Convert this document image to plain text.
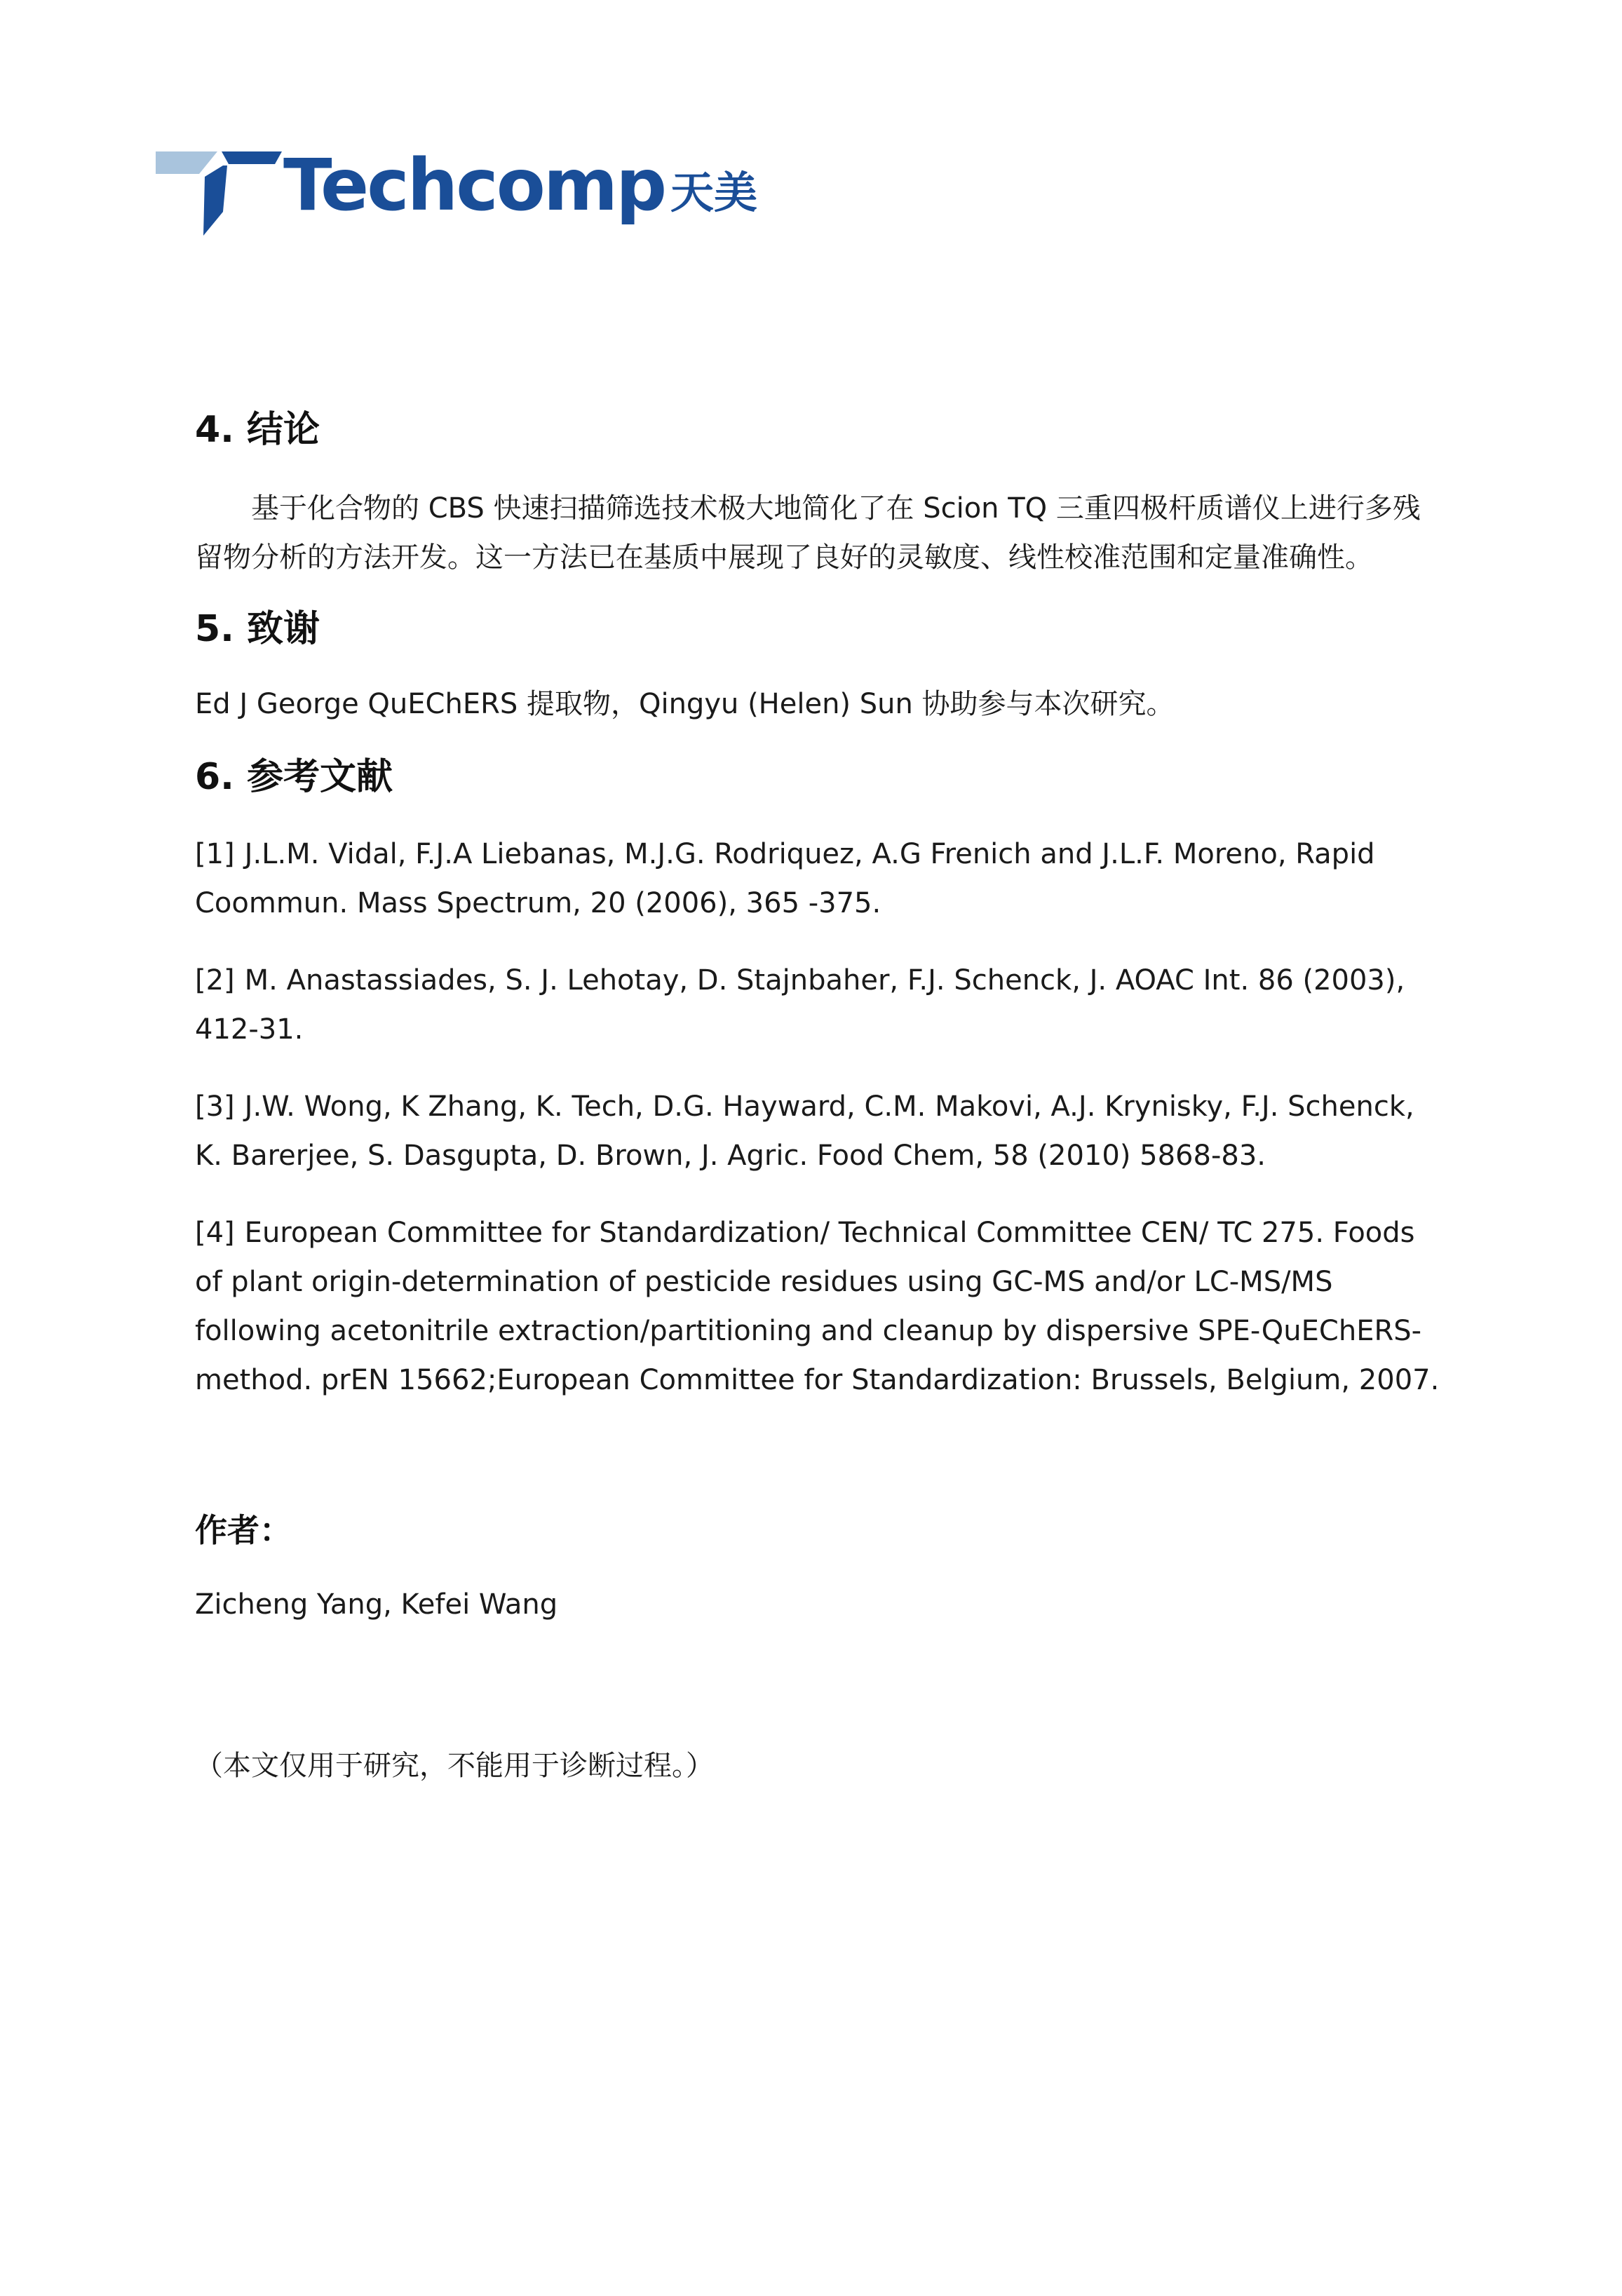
Techcomp 天美
4. 结论

基于化合物的 CBS 快速扫描筛选技术极大地简化了在 Scion TQ 三重四极杆质谱仪上进行多残留物分析的方法开发。这一方法已在基质中展现了良好的灵敏度、线性校准范围和定量准确性。

5. 致谢

Ed J George QuEChERS 提取物，Qingyu (Helen) Sun 协助参与本次研究。

6. 参考文献

[1] J.L.M. Vidal, F.J.A Liebanas, M.J.G. Rodriquez, A.G Frenich and J.L.F. Moreno, Rapid Coommun. Mass Spectrum, 20 (2006), 365 -375.

[2] M. Anastassiades, S. J. Lehotay, D. Stajnbaher, F.J. Schenck, J. AOAC Int. 86 (2003), 412-31.

[3] J.W. Wong, K Zhang, K. Tech, D.G. Hayward, C.M. Makovi, A.J. Krynisky, F.J. Schenck, K. Barerjee, S. Dasgupta, D. Brown, J. Agric. Food Chem, 58 (2010) 5868-83.

[4] European Committee for Standardization/ Technical Committee CEN/ TC 275. Foods of plant origin-determination of pesticide residues using GC-MS and/or LC-MS/MS following acetonitrile extraction/partitioning and cleanup by dispersive SPE-QuEChERS-method. prEN 15662;European Committee for Standardization: Brussels, Belgium, 2007.

作者：

Zicheng Yang, Kefei Wang

（本文仅用于研究，不能用于诊断过程。）
